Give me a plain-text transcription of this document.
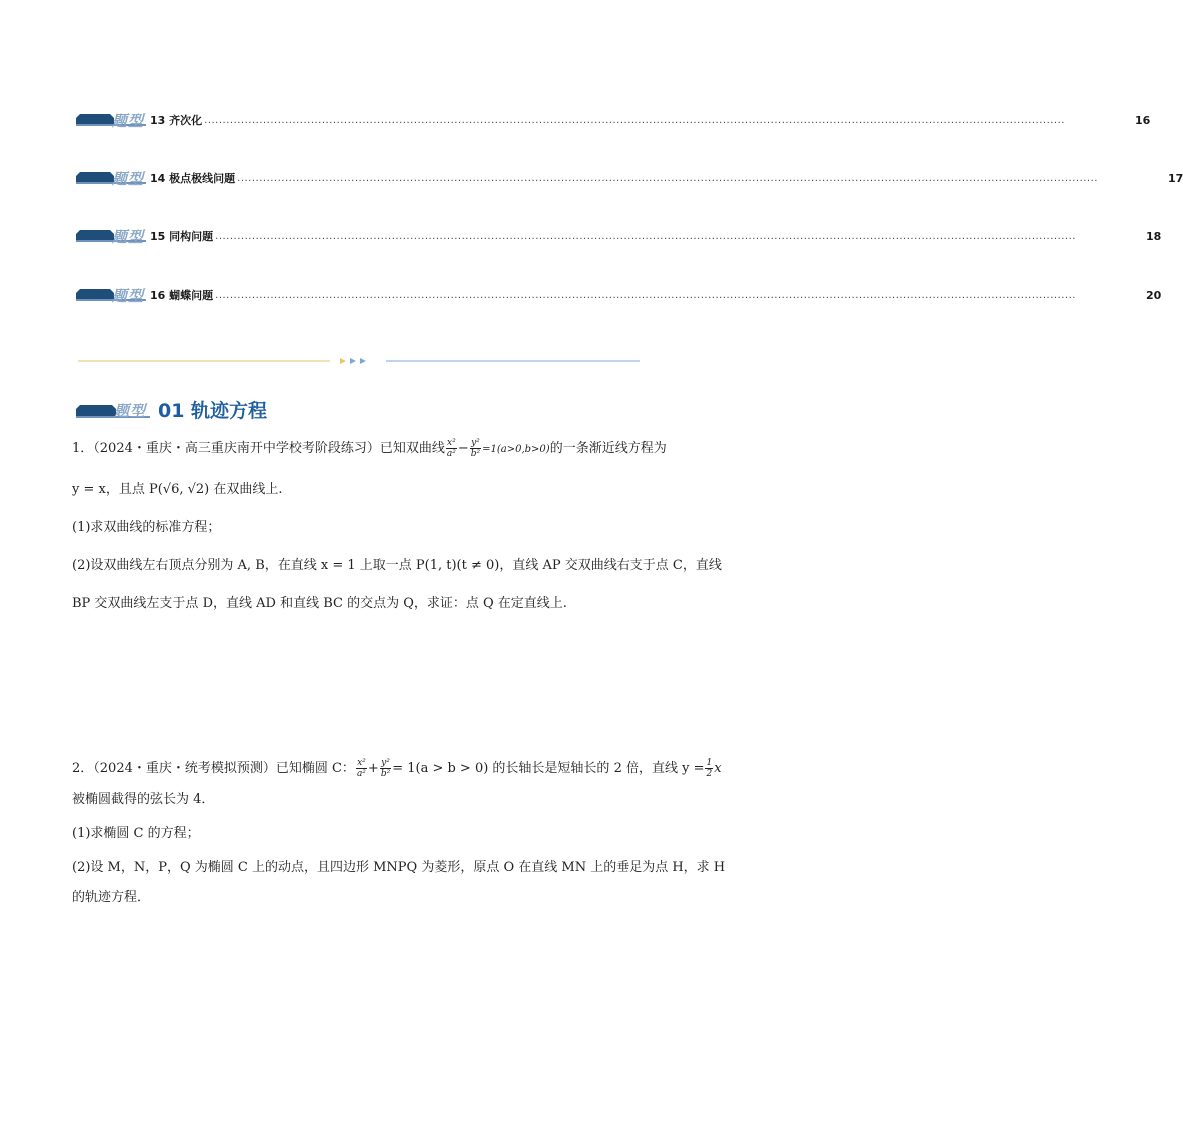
题型 13 齐次化 ..........................................................................................................................................................................................................................................	16
题型 14 极点极线问题 ..........................................................................................................................................................................................................................................	17
题型 15 同构问题 ..........................................................................................................................................................................................................................................	18
题型 16 蝴蝶问题 ..........................................................................................................................................................................................................................................	20
题型 01 轨迹方程
1．（2024・重庆・高三重庆南开中学校考阶段练习）已知双曲线 $\frac{\text{x²}}{\text{a²}} - \frac{\text{y²}}{\text{b²}} =1(a>0,b>0)$的一条渐近线方程为
y = x，且点 P(√6, √2) 在双曲线上.
(1)求双曲线的标准方程；
(2)设双曲线左右顶点分别为 A, B，在直线 x = 1 上取一点 P(1, t)(t ≠ 0)，直线 AP 交双曲线右支于点 C，直线
BP 交双曲线左支于点 D，直线 AD 和直线 BC 的交点为 Q，求证：点 Q 在定直线上.
2．（2024・重庆・统考模拟预测）已知椭圆 C： $\frac{\text{x²}}{\text{a²}} + \frac{\text{y²}}{\text{b²}} = 1(a > b > 0)$ 的长轴长是短轴长的 2 倍，直线 $y = \frac{1}{2}$ x
被椭圆截得的弦长为 4．
(1)求椭圆 C 的方程；
(2)设 M，N，P，Q 为椭圆 C 上的动点，且四边形 MNPQ 为菱形，原点 O 在直线 MN 上的垂足为点 H，求 H
的轨迹方程．
